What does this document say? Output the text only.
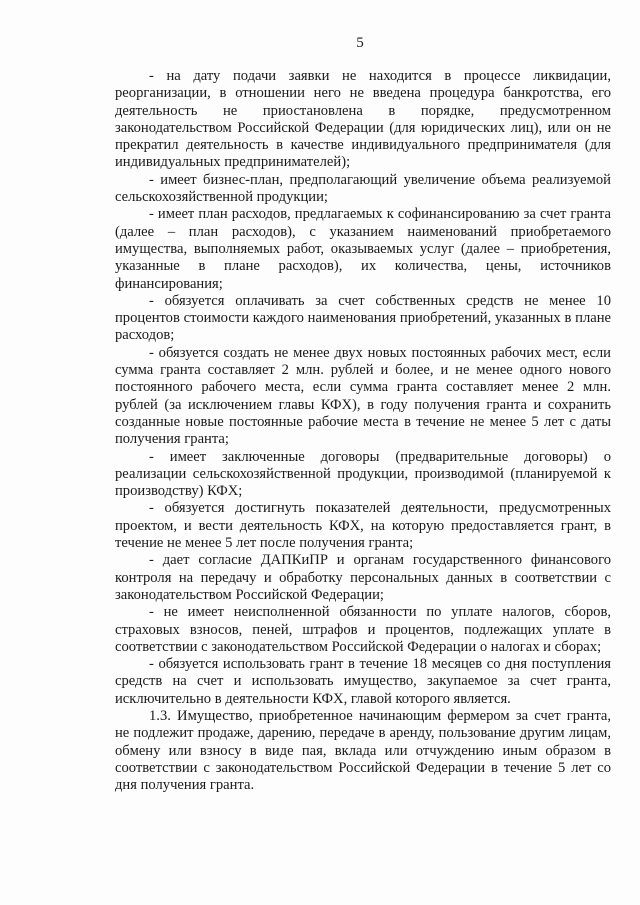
5

- на дату подачи заявки не находится в процессе ликвидации, реорганизации, в отношении него не введена процедура банкротства, его деятельность не приостановлена в порядке, предусмотренном законодательством Российской Федерации (для юридических лиц), или он не прекратил деятельность в качестве индивидуального предпринимателя (для индивидуальных предпринимателей);

- имеет бизнес-план, предполагающий увеличение объема реализуемой сельскохозяйственной продукции;

- имеет план расходов, предлагаемых к софинансированию за счет гранта (далее – план расходов), с указанием наименований приобретаемого имущества, выполняемых работ, оказываемых услуг (далее – приобретения, указанные в плане расходов), их количества, цены, источников финансирования;

- обязуется оплачивать за счет собственных средств не менее 10 процентов стоимости каждого наименования приобретений, указанных в плане расходов;

- обязуется создать не менее двух новых постоянных рабочих мест, если сумма гранта составляет 2 млн. рублей и более, и не менее одного нового постоянного рабочего места, если сумма гранта составляет менее 2 млн. рублей (за исключением главы КФХ), в году получения гранта и сохранить созданные новые постоянные рабочие места в течение не менее 5 лет с даты получения гранта;

- имеет заключенные договоры (предварительные договоры) о реализации сельскохозяйственной продукции, производимой (планируемой к производству) КФХ;

- обязуется достигнуть показателей деятельности, предусмотренных проектом, и вести деятельность КФХ, на которую предоставляется грант, в течение не менее 5 лет после получения гранта;

- дает согласие ДАПКиПР и органам государственного финансового контроля на передачу и обработку персональных данных в соответствии с законодательством Российской Федерации;

- не имеет неисполненной обязанности по уплате налогов, сборов, страховых взносов, пеней, штрафов и процентов, подлежащих уплате в соответствии с законодательством Российской Федерации о налогах и сборах;

- обязуется использовать грант в течение 18 месяцев со дня поступления средств на счет и использовать имущество, закупаемое за счет гранта, исключительно в деятельности КФХ, главой которого является.

1.3. Имущество, приобретенное начинающим фермером за счет гранта, не подлежит продаже, дарению, передаче в аренду, пользование другим лицам, обмену или взносу в виде пая, вклада или отчуждению иным образом в соответствии с законодательством Российской Федерации в течение 5 лет со дня получения гранта.
